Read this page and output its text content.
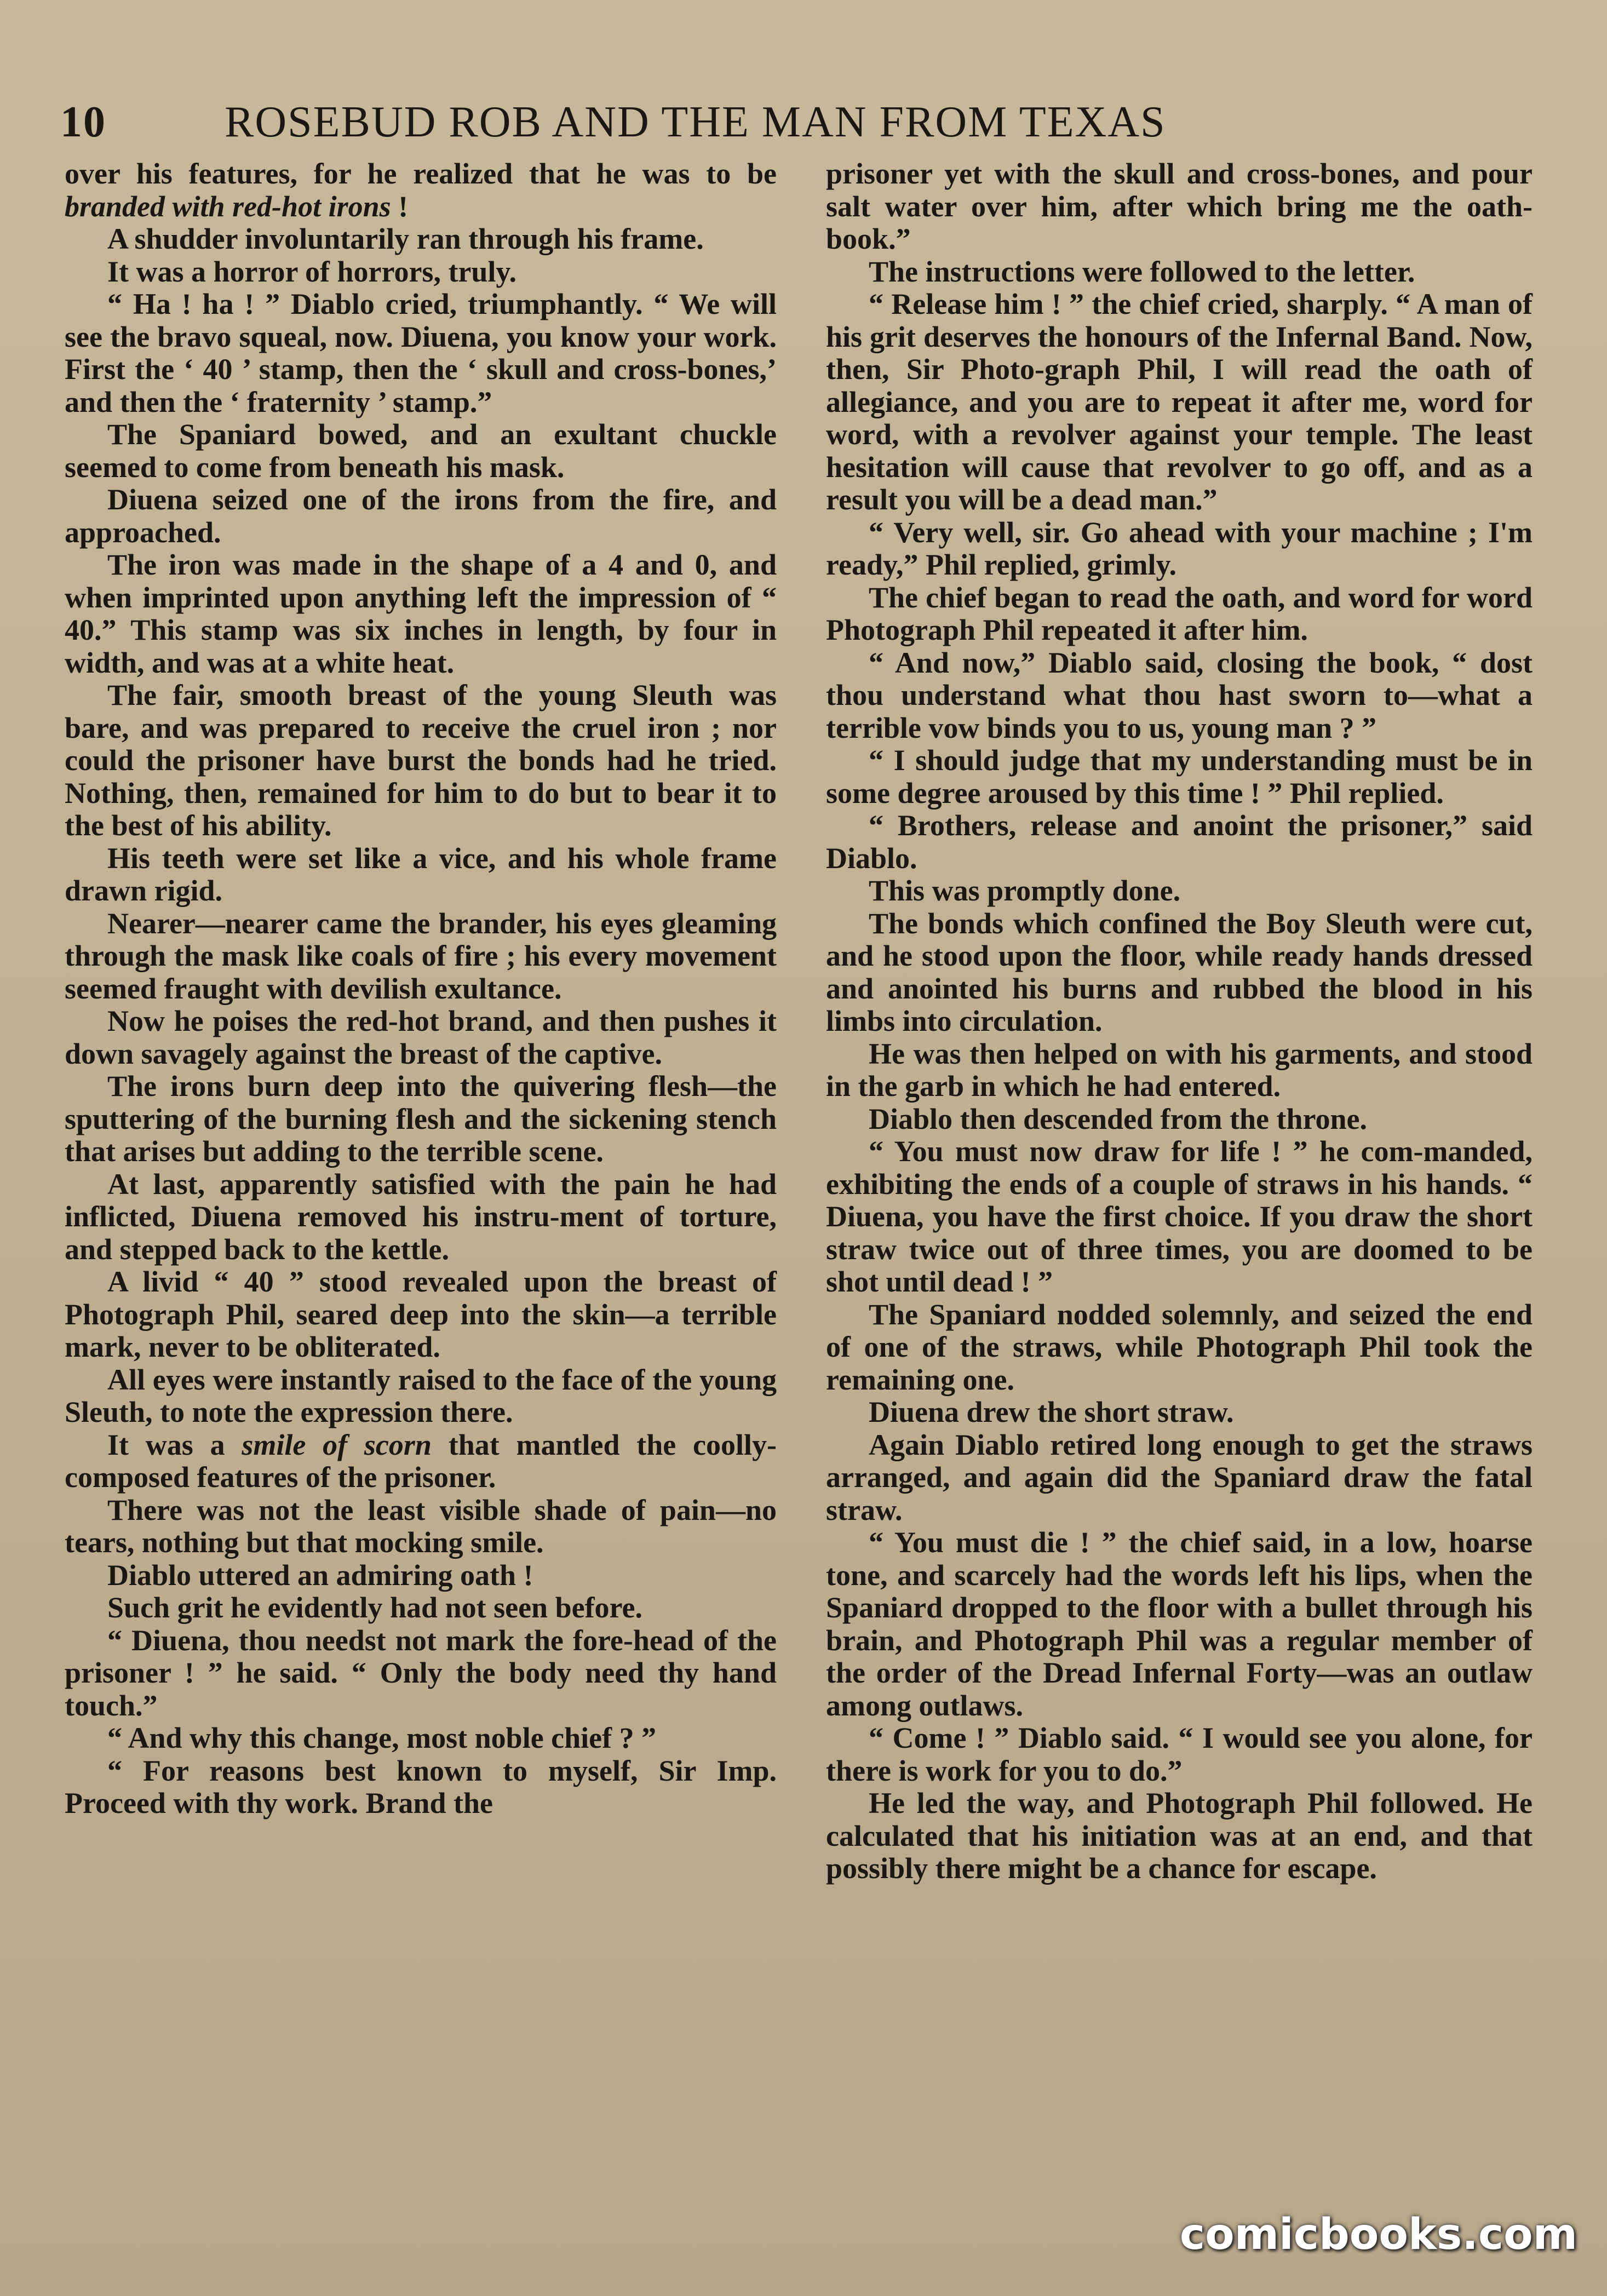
10	ROSEBUD ROB AND THE MAN FROM TEXAS

over his features, for he realized that he was to be branded with red-hot irons !

A shudder involuntarily ran through his frame.

It was a horror of horrors, truly.

“ Ha ! ha ! ” Diablo cried, triumphantly. “ We will see the bravo squeal, now. Diuena, you know your work. First the ‘ 40 ’ stamp, then the ‘ skull and cross-bones,’ and then the ‘ fraternity ’ stamp.”

The Spaniard bowed, and an exultant chuckle seemed to come from beneath his mask.

Diuena seized one of the irons from the fire, and approached.

The iron was made in the shape of a 4 and 0, and when imprinted upon anything left the impression of “ 40.” This stamp was six inches in length, by four in width, and was at a white heat.

The fair, smooth breast of the young Sleuth was bare, and was prepared to receive the cruel iron ; nor could the prisoner have burst the bonds had he tried. Nothing, then, remained for him to do but to bear it to the best of his ability.

His teeth were set like a vice, and his whole frame drawn rigid.

Nearer—nearer came the brander, his eyes gleaming through the mask like coals of fire ; his every movement seemed fraught with devilish exultance.

Now he poises the red-hot brand, and then pushes it down savagely against the breast of the captive.

The irons burn deep into the quivering flesh—the sputtering of the burning flesh and the sickening stench that arises but adding to the terrible scene.

At last, apparently satisfied with the pain he had inflicted, Diuena removed his instru-ment of torture, and stepped back to the kettle.

A livid “ 40 ” stood revealed upon the breast of Photograph Phil, seared deep into the skin—a terrible mark, never to be obliterated.

All eyes were instantly raised to the face of the young Sleuth, to note the expression there.

It was a smile of scorn that mantled the coolly-composed features of the prisoner.

There was not the least visible shade of pain—no tears, nothing but that mocking smile.

Diablo uttered an admiring oath !

Such grit he evidently had not seen before.

“ Diuena, thou needst not mark the fore-head of the prisoner ! ” he said. “ Only the body need thy hand touch.”

“ And why this change, most noble chief ? ”

“ For reasons best known to myself, Sir Imp. Proceed with thy work. Brand the

prisoner yet with the skull and cross-bones, and pour salt water over him, after which bring me the oath-book.”

The instructions were followed to the letter.

“ Release him ! ” the chief cried, sharply. “ A man of his grit deserves the honours of the Infernal Band. Now, then, Sir Photo-graph Phil, I will read the oath of allegiance, and you are to repeat it after me, word for word, with a revolver against your temple. The least hesitation will cause that revolver to go off, and as a result you will be a dead man.”

“ Very well, sir. Go ahead with your machine ; I'm ready,” Phil replied, grimly.

The chief began to read the oath, and word for word Photograph Phil repeated it after him.

“ And now,” Diablo said, closing the book, “ dost thou understand what thou hast sworn to—what a terrible vow binds you to us, young man ? ”

“ I should judge that my understanding must be in some degree aroused by this time ! ” Phil replied.

“ Brothers, release and anoint the prisoner,” said Diablo.

This was promptly done.

The bonds which confined the Boy Sleuth were cut, and he stood upon the floor, while ready hands dressed and anointed his burns and rubbed the blood in his limbs into circulation.

He was then helped on with his garments, and stood in the garb in which he had entered.

Diablo then descended from the throne.

“ You must now draw for life ! ” he com-manded, exhibiting the ends of a couple of straws in his hands. “ Diuena, you have the first choice. If you draw the short straw twice out of three times, you are doomed to be shot until dead ! ”

The Spaniard nodded solemnly, and seized the end of one of the straws, while Photograph Phil took the remaining one.

Diuena drew the short straw.

Again Diablo retired long enough to get the straws arranged, and again did the Spaniard draw the fatal straw.

“ You must die ! ” the chief said, in a low, hoarse tone, and scarcely had the words left his lips, when the Spaniard dropped to the floor with a bullet through his brain, and Photograph Phil was a regular member of the order of the Dread Infernal Forty—was an outlaw among outlaws.

“ Come ! ” Diablo said. “ I would see you alone, for there is work for you to do.”

He led the way, and Photograph Phil followed. He calculated that his initiation was at an end, and that possibly there might be a chance for escape.

comicbooks.com
